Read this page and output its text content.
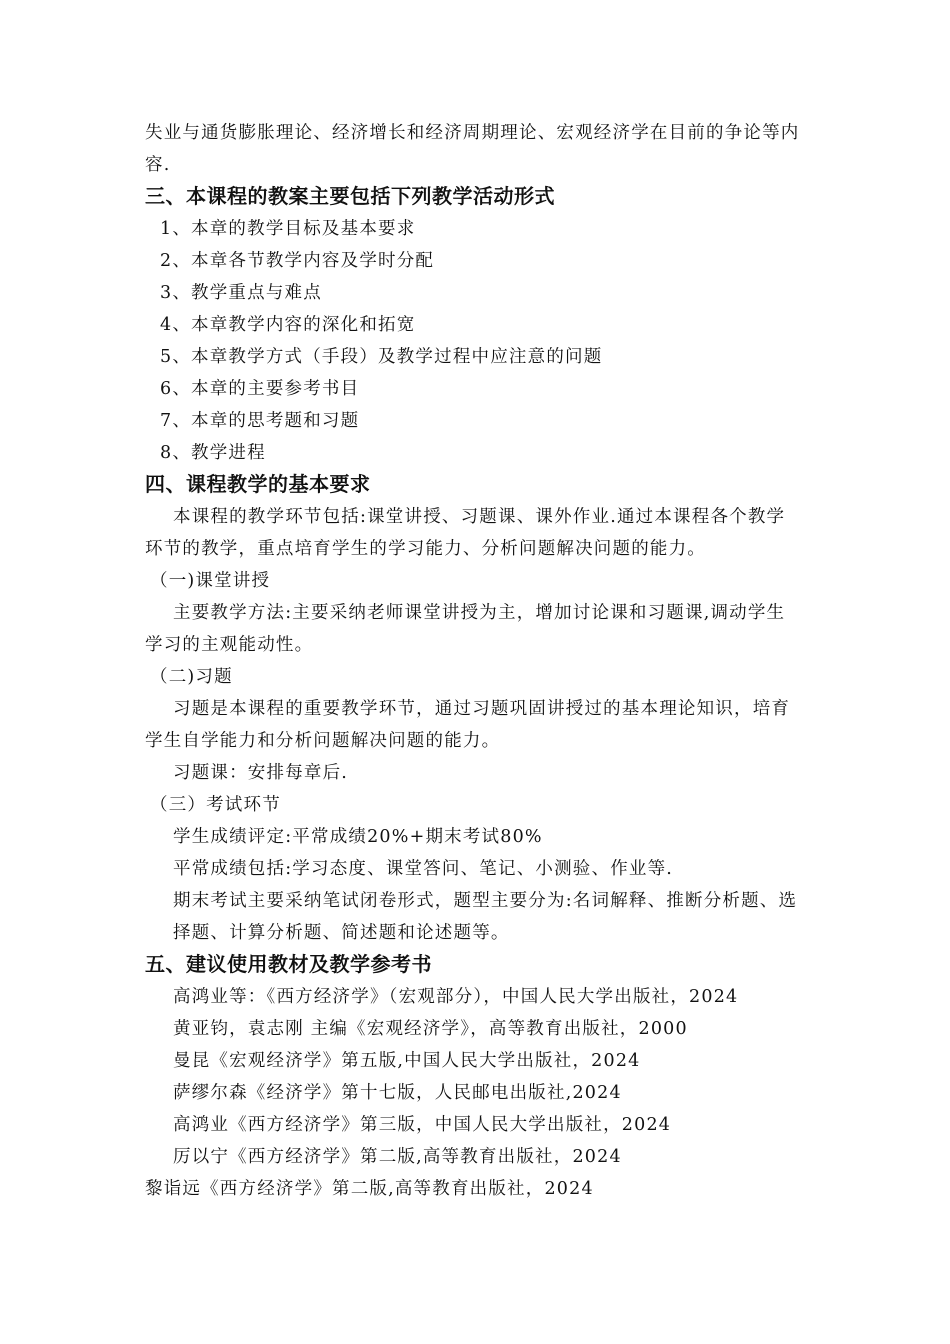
失业与通货膨胀理论、经济增长和经济周期理论、宏观经济学在目前的争论等内
容.
三、本课程的教案主要包括下列教学活动形式
1、本章的教学目标及基本要求
2、本章各节教学内容及学时分配
3、教学重点与难点
4、本章教学内容的深化和拓宽
5、本章教学方式（手段）及教学过程中应注意的问题
6、本章的主要参考书目
7、本章的思考题和习题
8、教学进程
四、课程教学的基本要求
本课程的教学环节包括:课堂讲授、习题课、课外作业.通过本课程各个教学
环节的教学，重点培育学生的学习能力、分析问题解决问题的能力。
（一)课堂讲授
主要教学方法:主要采纳老师课堂讲授为主，增加讨论课和习题课,调动学生
学习的主观能动性。
（二)习题
习题是本课程的重要教学环节，通过习题巩固讲授过的基本理论知识，培育
学生自学能力和分析问题解决问题的能力。
习题课：安排每章后.
（三）考试环节
学生成绩评定:平常成绩20%+期末考试80%
平常成绩包括:学习态度、课堂答问、笔记、小测验、作业等.
期末考试主要采纳笔试闭卷形式，题型主要分为:名词解释、推断分析题、选
择题、计算分析题、简述题和论述题等。
五、建议使用教材及教学参考书
高鸿业等：《西方经济学》（宏观部分），中国人民大学出版社，2024
黄亚钧，袁志刚 主编《宏观经济学》，高等教育出版社，2000
曼昆《宏观经济学》第五版,中国人民大学出版社，2024
萨缪尔森《经济学》第十七版，人民邮电出版社,2024
高鸿业《西方经济学》第三版，中国人民大学出版社，2024
厉以宁《西方经济学》第二版,高等教育出版社，2024
黎诣远《西方经济学》第二版,高等教育出版社，2024
